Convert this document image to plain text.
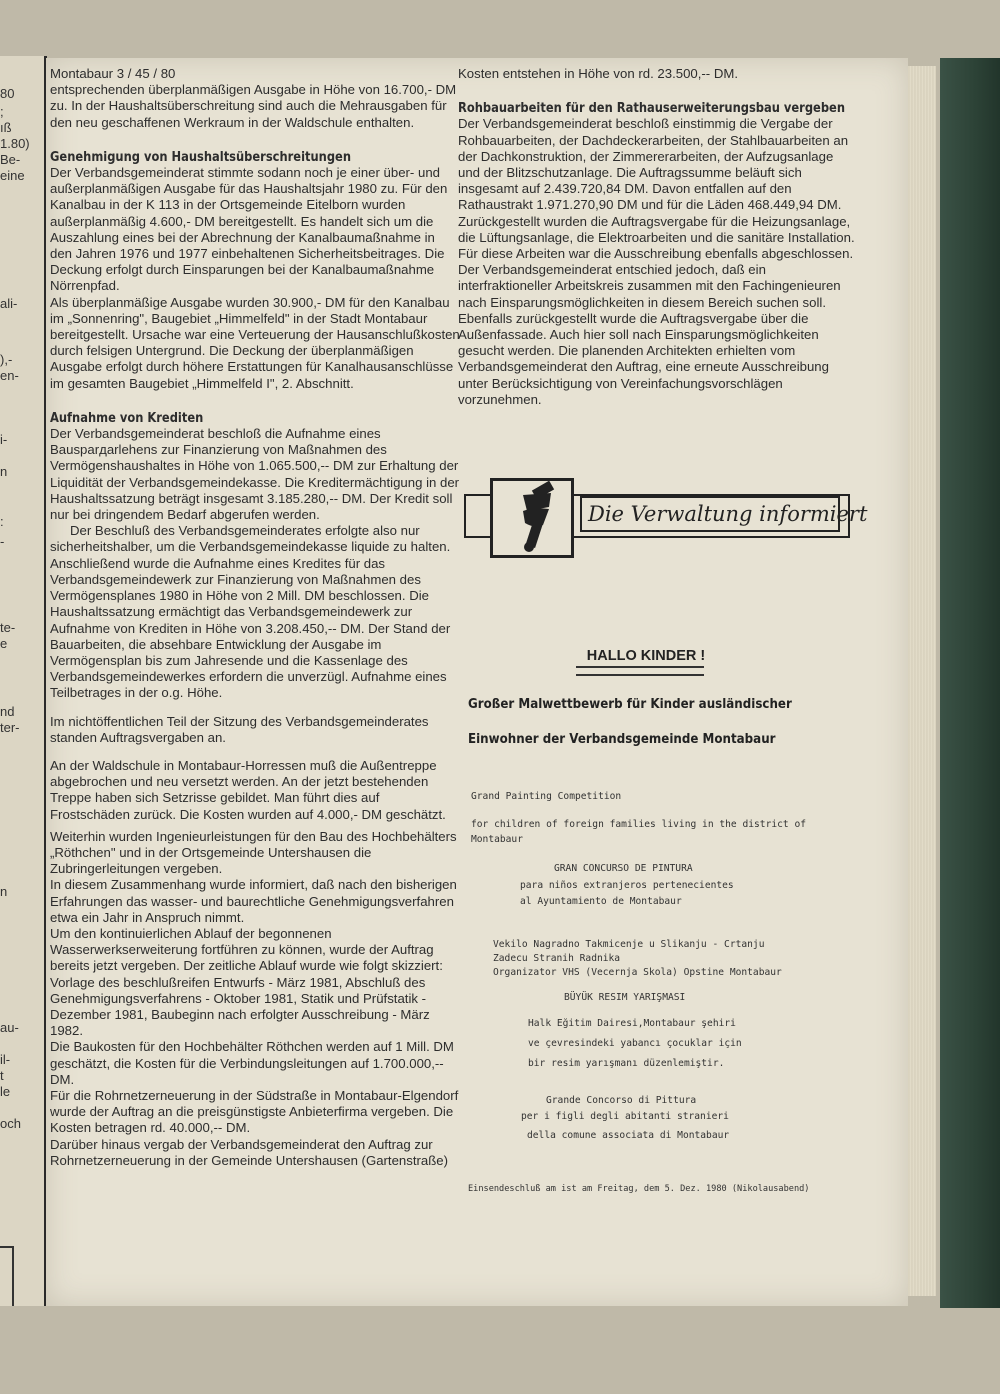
80
;
ıß
1.80)
Be-
eine
ali-
),-
en-
i-
n
:
te-
e
nd
ter-
au-
il-
t
le
och
-
n

Montabaur 3 / 45 / 80

entsprechenden überplanmäßigen Ausgabe in Höhe von 16.700,- DM zu. In der Haushaltsüberschreitung sind auch die Mehrausgaben für den neu geschaffenen Werkraum in der Waldschule enthalten.

Genehmigung von Haushaltsüberschreitungen

Der Verbandsgemeinderat stimmte sodann noch je einer über- und außerplanmäßigen Ausgabe für das Haushaltsjahr 1980 zu. Für den Kanalbau in der K 113 in der Ortsgemeinde Eitelborn wurden außerplanmäßig 4.600,- DM bereitgestellt. Es handelt sich um die Auszahlung eines bei der Abrechnung der Kanalbaumaßnahme in den Jahren 1976 und 1977 einbehaltenen Sicherheitsbeitrages. Die Deckung erfolgt durch Einsparungen bei der Kanalbaumaßnahme Nörrenpfad.

Als überplanmäßige Ausgabe wurden 30.900,- DM für den Kanalbau im „Sonnenring", Baugebiet „Himmelfeld" in der Stadt Montabaur bereitgestellt. Ursache war eine Verteuerung der Hausanschlußkosten durch felsigen Untergrund. Die Deckung der überplanmäßigen Ausgabe erfolgt durch höhere Erstattungen für Kanalhausanschlüsse im gesamten Baugebiet „Himmelfeld I", 2. Abschnitt.

Aufnahme von Krediten

Der Verbandsgemeinderat beschloß die Aufnahme eines Bausparдarlehens zur Finanzierung von Maßnahmen des Vermögenshaushaltes in Höhe von 1.065.500,-- DM zur Erhaltung der Liquidität der Verbandsgemeindekasse. Die Kreditermächtigung in der Haushaltssatzung beträgt insgesamt 3.185.280,-- DM. Der Kredit soll nur bei dringendem Bedarf abgerufen werden.

Der Beschluß des Verbandsgemeinderates erfolgte also nur sicherheitshalber, um die Verbandsgemeindekasse liquide zu halten.

Anschließend wurde die Aufnahme eines Kredites für das Verbandsgemeindewerk zur Finanzierung von Maßnahmen des Vermögensplanes 1980 in Höhe von 2 Mill. DM beschlossen. Die Haushaltssatzung ermächtigt das Verbandsgemeindewerk zur Aufnahme von Krediten in Höhe von 3.208.450,-- DM. Der Stand der Bauarbeiten, die absehbare Entwicklung der Ausgabe im Vermögensplan bis zum Jahresende und die Kassenlage des Verbandsgemeindewerkes erfordern die unverzügl. Aufnahme eines Teilbetrages in der o.g. Höhe.

Im nichtöffentlichen Teil der Sitzung des Verbandsgemeinderates standen Auftragsvergaben an.

An der Waldschule in Montabaur-Horressen muß die Außentreppe abgebrochen und neu versetzt werden. An der jetzt bestehenden Treppe haben sich Setzrisse gebildet. Man führt dies auf Frostschäden zurück. Die Kosten wurden auf 4.000,- DM geschätzt.

Weiterhin wurden Ingenieurleistungen für den Bau des Hochbehälters „Röthchen" und in der Ortsgemeinde Untershausen die Zubringerleitungen vergeben.

In diesem Zusammenhang wurde informiert, daß nach den bisherigen Erfahrungen das wasser- und baurechtliche Genehmigungsverfahren etwa ein Jahr in Anspruch nimmt.

Um den kontinuierlichen Ablauf der begonnenen Wasserwerkserweiterung fortführen zu können, wurde der Auftrag bereits jetzt vergeben. Der zeitliche Ablauf wurde wie folgt skizziert:

Vorlage des beschlußreifen Entwurfs - März 1981, Abschluß des Genehmigungsverfahrens - Oktober 1981, Statik und Prüfstatik - Dezember 1981, Baubeginn nach erfolgter Ausschreibung - März 1982.

Die Baukosten für den Hochbehälter Röthchen werden auf 1 Mill. DM geschätzt, die Kosten für die Verbindungsleitungen auf 1.700.000,-- DM.

Für die Rohrnetzerneuerung in der Südstraße in Montabaur-Elgendorf wurde der Auftrag an die preisgünstigste Anbieterfirma vergeben. Die Kosten betragen rd. 40.000,-- DM.

Darüber hinaus vergab der Verbandsgemeinderat den Auftrag zur Rohrnetzerneuerung in der Gemeinde Untershausen (Gartenstraße)

Kosten entstehen in Höhe von rd. 23.500,-- DM.

Rohbauarbeiten für den Rathauserweiterungsbau vergeben

Der Verbandsgemeinderat beschloß einstimmig die Vergabe der Rohbauarbeiten, der Dachdeckerarbeiten, der Stahlbauarbeiten an der Dachkonstruktion, der Zimmererarbeiten, der Aufzugsanlage und der Blitzschutzanlage. Die Auftragssumme beläuft sich insgesamt auf 2.439.720,84 DM. Davon entfallen auf den Rathaustrakt 1.971.270,90 DM und für die Läden 468.449,94 DM.

Zurückgestellt wurden die Auftragsvergabe für die Heizungsanlage, die Lüftungsanlage, die Elektroarbeiten und die sanitäre Installation.

Für diese Arbeiten war die Ausschreibung ebenfalls abgeschlossen. Der Verbandsgemeinderat entschied jedoch, daß ein interfraktioneller Arbeitskreis zusammen mit den Fachingenieuren nach Einsparungsmöglichkeiten in diesem Bereich suchen soll. Ebenfalls zurückgestellt wurde die Auftragsvergabe über die Außenfassade. Auch hier soll nach Einsparungsmöglichkeiten gesucht werden. Die planenden Architekten erhielten vom Verbandsgemeinderat den Auftrag, eine erneute Ausschreibung unter Berücksichtigung von Vereinfachungsvorschlägen vorzunehmen.

Die Verwaltung informiert
HALLO KINDER !
Großer Malwettbewerb für Kinder ausländischer
Einwohner der Verbandsgemeinde Montabaur
Grand Painting Competition
for children of foreign families living in the district of
Montabaur
GRAN CONCURSO DE PINTURA
para niños extranjeros pertenecientes
al Ayuntamiento de Montabaur
Vekilo Nagradno Takmicenje u Slikanju - Crtanju
Zadecu Stranih Radnika
Organizator VHS (Vecernja Skola) Opstine Montabaur
BÜYÜK RESIM YARIŞMASI
Halk Eğitim Dairesi,Montabaur şehiri
ve çevresindeki yabancı çocuklar için
bir resim yarışmanı düzenlemiştir.
Grande Concorso di Pittura
per i figli degli abitanti stranieri
della comune associata di Montabaur
Einsendeschluß am ist am Freitag, dem 5. Dez. 1980 (Nikolausabend)
